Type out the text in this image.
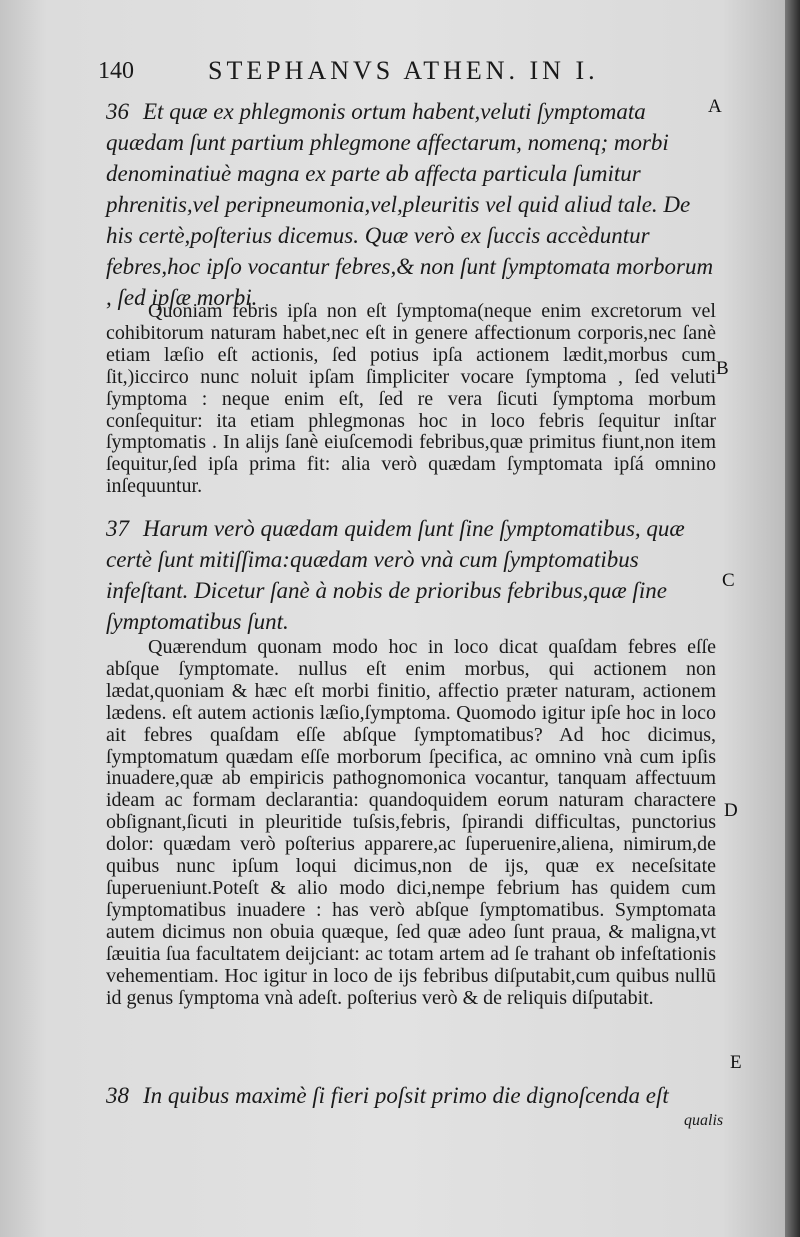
140	STEPHANVS ATHEN. IN I.

36 Et quæ ex phlegmonis ortum habent,veluti ſymptomata quædam ſunt partium phlegmone affectarum, nomenq; morbi denominatiuè magna ex parte ab affecta particula ſumitur phrenitis,vel peripneumonia,vel,pleuritis vel quid aliud tale. De his certè,poſterius dicemus. Quæ verò ex ſuccis accèduntur febres,hoc ipſo vocantur febres,& non ſunt ſymptomata morborum , ſed ipſæ morbi.

Quoniam febris ipſa non eſt ſymptoma(neque enim excretorum vel cohibitorum naturam habet,nec eſt in genere affectionum corporis,nec ſanè etiam læſio eſt actionis, ſed potius ipſa actionem lædit,morbus cum ſit,)iccirco nunc noluit ipſam ſimpliciter vocare ſymptoma , ſed veluti ſymptoma : neque enim eſt, ſed re vera ſicuti ſymptoma morbum conſequitur: ita etiam phlegmonas hoc in loco febris ſequitur inſtar ſymptomatis . In alijs ſanè eiuſcemodi febribus,quæ primitus fiunt,non item ſequitur,ſed ipſa prima fit: alia verò quædam ſymptomata ipſá omnino inſequuntur.

37 Harum verò quædam quidem ſunt ſine ſymptomatibus, quæ certè ſunt mitiſſima:quædam verò vnà cum ſymptomatibus infeſtant. Dicetur ſanè à nobis de prioribus febribus,quæ ſine ſymptomatibus ſunt.

Quærendum quonam modo hoc in loco dicat quaſdam febres eſſe abſque ſymptomate. nullus eſt enim morbus, qui actionem non lædat,quoniam & hæc eſt morbi finitio, affectio præter naturam, actionem lædens. eſt autem actionis læſio,ſymptoma. Quomodo igitur ipſe hoc in loco ait febres quaſdam eſſe abſque ſymptomatibus? Ad hoc dicimus, ſymptomatum quædam eſſe morborum ſpecifica, ac omnino vnà cum ipſis inuadere,quæ ab empiricis pathognomonica vocantur, tanquam affectuum ideam ac formam declarantia: quandoquidem eorum naturam charactere obſignant,ſicuti in pleuritide tuſsis,febris, ſpirandi difficultas, punctorius dolor: quædam verò poſterius apparere,ac ſuperuenire,aliena, nimirum,de quibus nunc ipſum loqui dicimus,non de ijs, quæ ex neceſsitate ſuperueniunt.Poteſt & alio modo dici,nempe febrium has quidem cum ſymptomatibus inuadere : has verò abſque ſymptomatibus. Symptomata autem dicimus non obuia quæque, ſed quæ adeo ſunt praua, & maligna,vt ſæuitia ſua facultatem deijciant: ac totam artem ad ſe trahant ob infeſtationis vehementiam. Hoc igitur in loco de ijs febribus diſputabit,cum quibus nullū id genus ſymptoma vnà adeſt. poſterius verò & de reliquis diſputabit.

38 In quibus maximè ſi fieri poſsit primo die dignoſcenda eſt

A
B
C
D
E
qualis
